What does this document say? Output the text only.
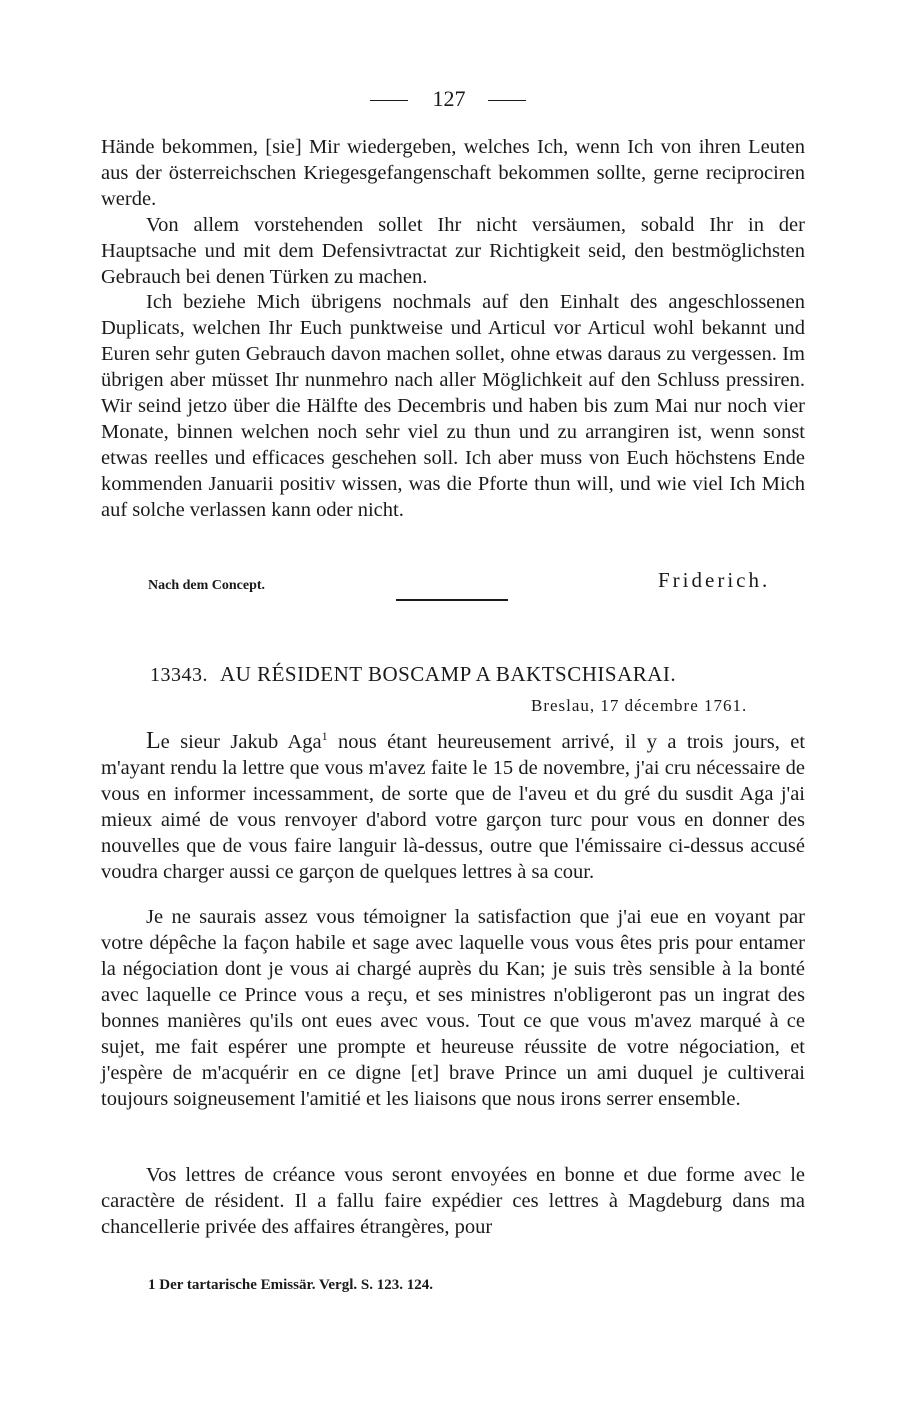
127

Hände bekommen, [sie] Mir wiedergeben, welches Ich, wenn Ich von ihren Leuten aus der österreichschen Kriegesgefangenschaft bekommen sollte, gerne reciprociren werde.

Von allem vorstehenden sollet Ihr nicht versäumen, sobald Ihr in der Hauptsache und mit dem Defensivtractat zur Richtigkeit seid, den bestmöglichsten Gebrauch bei denen Türken zu machen.

Ich beziehe Mich übrigens nochmals auf den Einhalt des angeschlossenen Duplicats, welchen Ihr Euch punktweise und Articul vor Articul wohl bekannt und Euren sehr guten Gebrauch davon machen sollet, ohne etwas daraus zu vergessen. Im übrigen aber müsset Ihr nunmehro nach aller Möglichkeit auf den Schluss pressiren. Wir seind jetzo über die Hälfte des Decembris und haben bis zum Mai nur noch vier Monate, binnen welchen noch sehr viel zu thun und zu arrangiren ist, wenn sonst etwas reelles und efficaces geschehen soll. Ich aber muss von Euch höchstens Ende kommenden Januarii positiv wissen, was die Pforte thun will, und wie viel Ich Mich auf solche verlassen kann oder nicht.

Nach dem Concept.	Friderich.
13343. AU RÉSIDENT BOSCAMP A BAKTSCHISARAI.
Breslau, 17 décembre 1761.

Le sieur Jakub Aga$^1$ nous étant heureusement arrivé, il y a trois jours, et m'ayant rendu la lettre que vous m'avez faite le 15 de novembre, j'ai cru nécessaire de vous en informer incessamment, de sorte que de l'aveu et du gré du susdit Aga j'ai mieux aimé de vous renvoyer d'abord votre garçon turc pour vous en donner des nouvelles que de vous faire languir là-dessus, outre que l'émissaire ci-dessus accusé voudra charger aussi ce garçon de quelques lettres à sa cour.

Je ne saurais assez vous témoigner la satisfaction que j'ai eue en voyant par votre dépêche la façon habile et sage avec laquelle vous vous êtes pris pour entamer la négociation dont je vous ai chargé auprès du Kan; je suis très sensible à la bonté avec laquelle ce Prince vous a reçu, et ses ministres n'obligeront pas un ingrat des bonnes manières qu'ils ont eues avec vous. Tout ce que vous m'avez marqué à ce sujet, me fait espérer une prompte et heureuse réussite de votre négociation, et j'espère de m'acquérir en ce digne [et] brave Prince un ami duquel je cultiverai toujours soigneusement l'amitié et les liaisons que nous irons serrer ensemble.

Vos lettres de créance vous seront envoyées en bonne et due forme avec le caractère de résident. Il a fallu faire expédier ces lettres à Magdeburg dans ma chancellerie privée des affaires étrangères, pour

1 Der tartarische Emissär. Vergl. S. 123. 124.
